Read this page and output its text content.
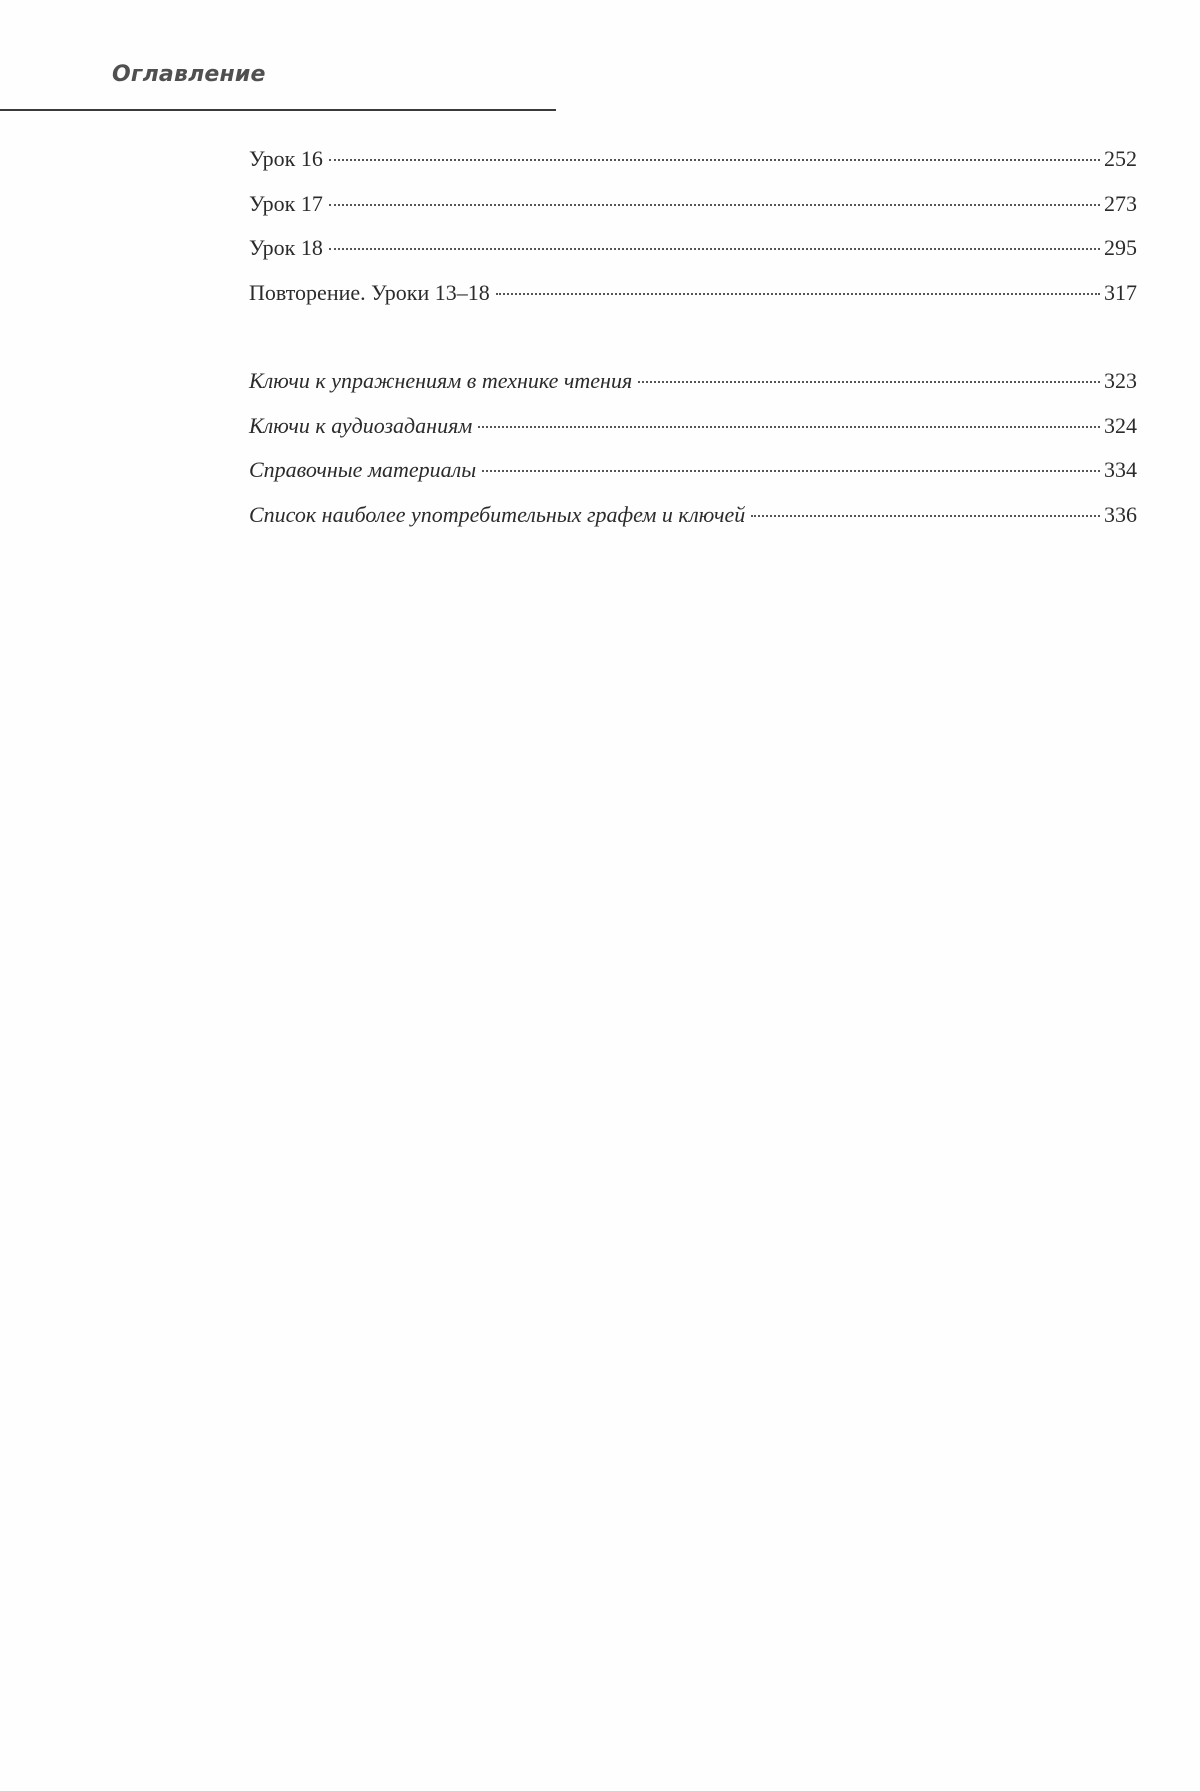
Оглавление
Урок 16	252
Урок 17	273
Урок 18	295
Повторение. Уроки 13–18	317
Ключи к упражнениям в технике чтения	323
Ключи к аудиозаданиям	324
Справочные материалы	334
Список наиболее употребительных графем и ключей	336
